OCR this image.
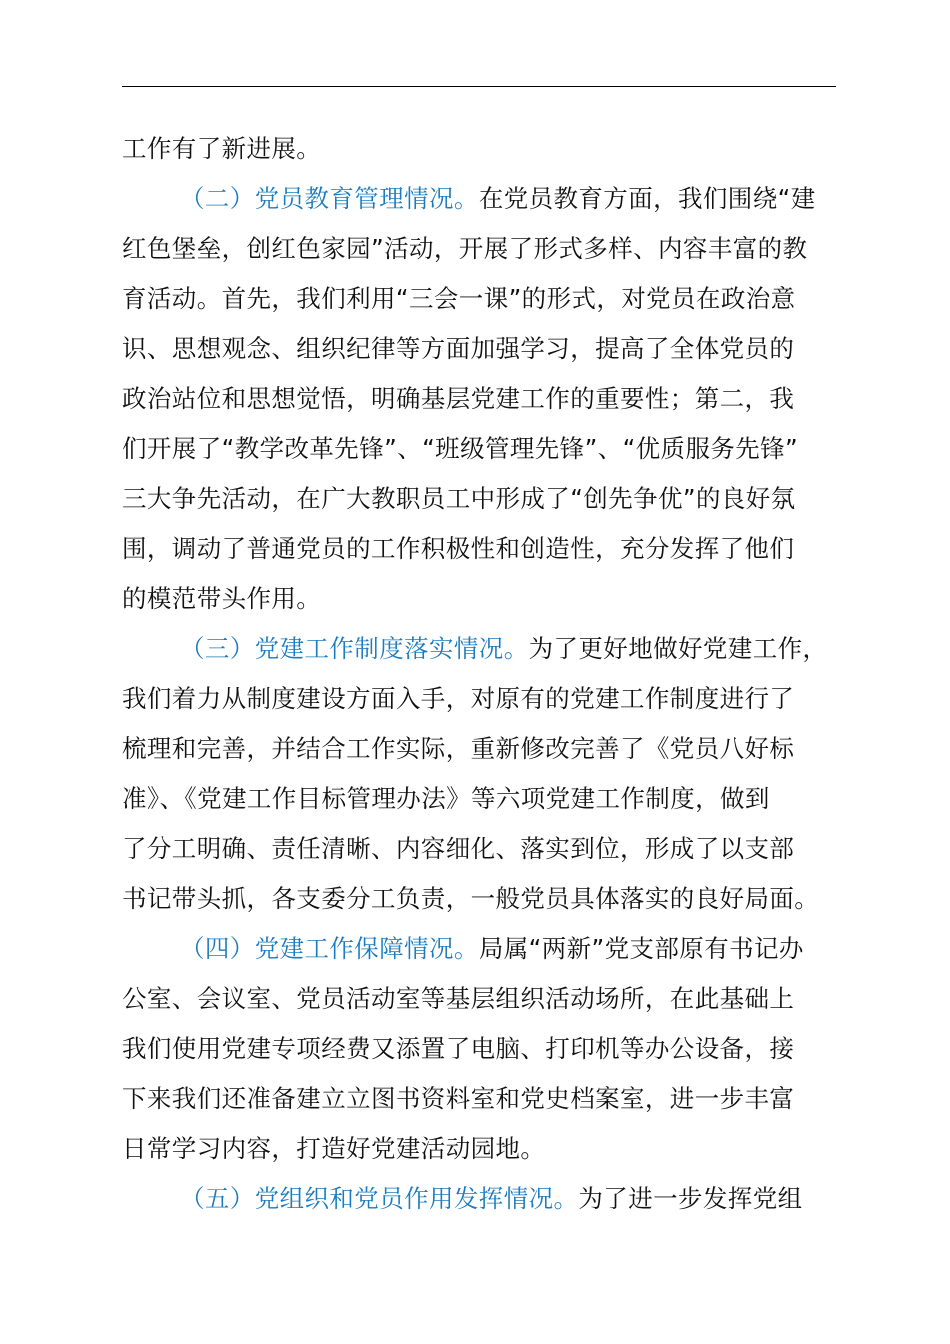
工作有了新进展。
（二）党员教育管理情况。在党员教育方面，我们围绕“建
红色堡垒，创红色家园”活动，开展了形式多样、内容丰富的教
育活动。首先，我们利用“三会一课”的形式，对党员在政治意
识、思想观念、组织纪律等方面加强学习，提高了全体党员的
政治站位和思想觉悟，明确基层党建工作的重要性；第二，我
们开展了“教学改革先锋”、“班级管理先锋”、“优质服务先锋”
三大争先活动，在广大教职员工中形成了“创先争优”的良好氛
围，调动了普通党员的工作积极性和创造性，充分发挥了他们
的模范带头作用。
（三）党建工作制度落实情况。为了更好地做好党建工作，
我们着力从制度建设方面入手，对原有的党建工作制度进行了
梳理和完善，并结合工作实际，重新修改完善了《党员八好标
准》、《党建工作目标管理办法》等六项党建工作制度，做到
了分工明确、责任清晰、内容细化、落实到位，形成了以支部
书记带头抓，各支委分工负责，一般党员具体落实的良好局面。
（四）党建工作保障情况。局属“两新”党支部原有书记办
公室、会议室、党员活动室等基层组织活动场所，在此基础上
我们使用党建专项经费又添置了电脑、打印机等办公设备，接
下来我们还准备建立立图书资料室和党史档案室，进一步丰富
日常学习内容，打造好党建活动园地。
（五）党组织和党员作用发挥情况。为了进一步发挥党组
